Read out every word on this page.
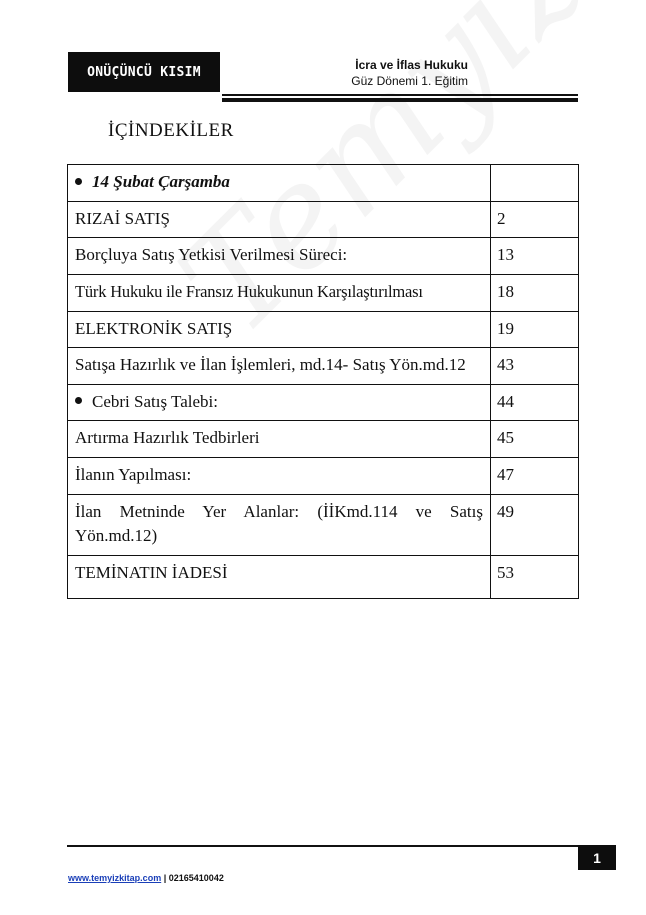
ONÜÇÜNCÜ KISIM	İcra ve İflas Hukuku
Güz Dönemi 1. Eğitim
İÇİNDEKİLER
14 Şubat Çarşamba	
RIZAİ SATIŞ	2
Borçluya Satış Yetkisi Verilmesi Süreci:	13
Türk Hukuku ile Fransız Hukukunun Karşılaştırılması	18
ELEKTRONİK SATIŞ	19
Satışa Hazırlık ve İlan İşlemleri, md.14- Satış Yön.md.12	43
Cebri Satış Talebi:	44
Artırma Hazırlık Tedbirleri	45
İlanın Yapılması:	47
İlan Metninde Yer Alanlar: (İİKmd.114 ve Satış Yön.md.12)	49
TEMİNATIN İADESİ	53
1
www.temyizkitap.com | 02165410042
